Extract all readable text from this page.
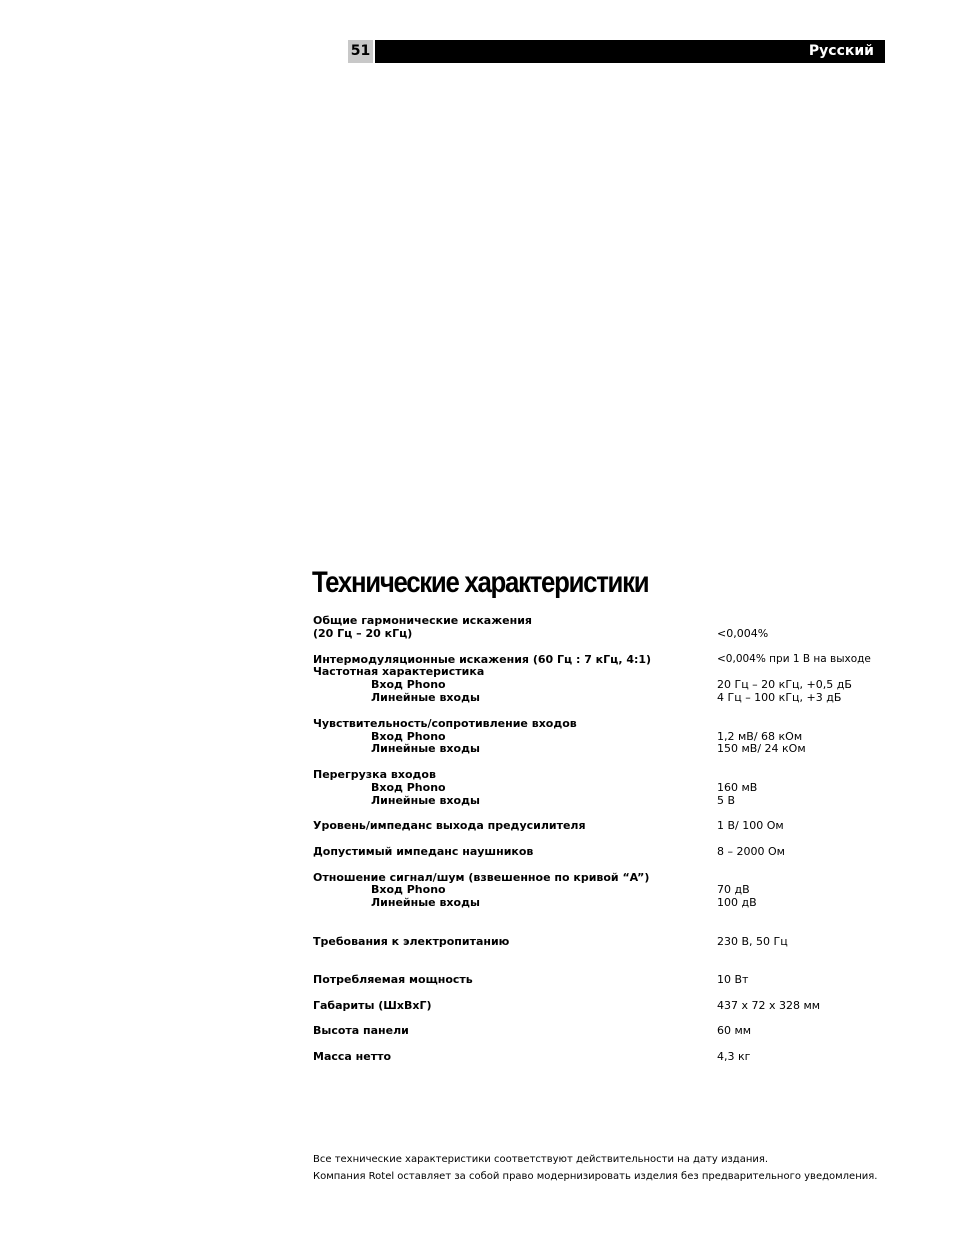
51	Русский
Технические характеристики
Общие гармонические искажения
(20 Гц – 20 кГц)	<0,004%
Интермодуляционные искажения (60 Гц : 7 кГц, 4:1)	<0,004% при 1 В на выходе
Частотная характеристика
Вход Phono	20 Гц – 20 кГц, +0,5 дБ
Линейные входы	4 Гц – 100 кГц, +3 дБ
Чувствительность/сопротивление входов
Вход Phono	1,2 мВ/ 68 кОм
Линейные входы	150 мВ/ 24 кОм
Перегрузка входов
Вход Phono	160 мВ
Линейные входы	5 В
Уровень/импеданс выхода предусилителя	1 В/ 100 Ом
Допустимый импеданс наушников	8 – 2000 Ом
Отношение сигнал/шум (взвешенное по кривой “A”)
Вход Phono	70 дВ
Линейные входы	100 дВ
Требования к электропитанию	230 В, 50 Гц
Потребляемая мощность	10 Вт
Габариты (ШхВхГ)	437 х 72 х 328 мм
Высота панели	60 мм
Масса нетто	4,3 кг
Все технические характеристики соответствуют действительности на дату издания.
Компания Rotel оставляет за собой право модернизировать изделия без предварительного уведомления.
